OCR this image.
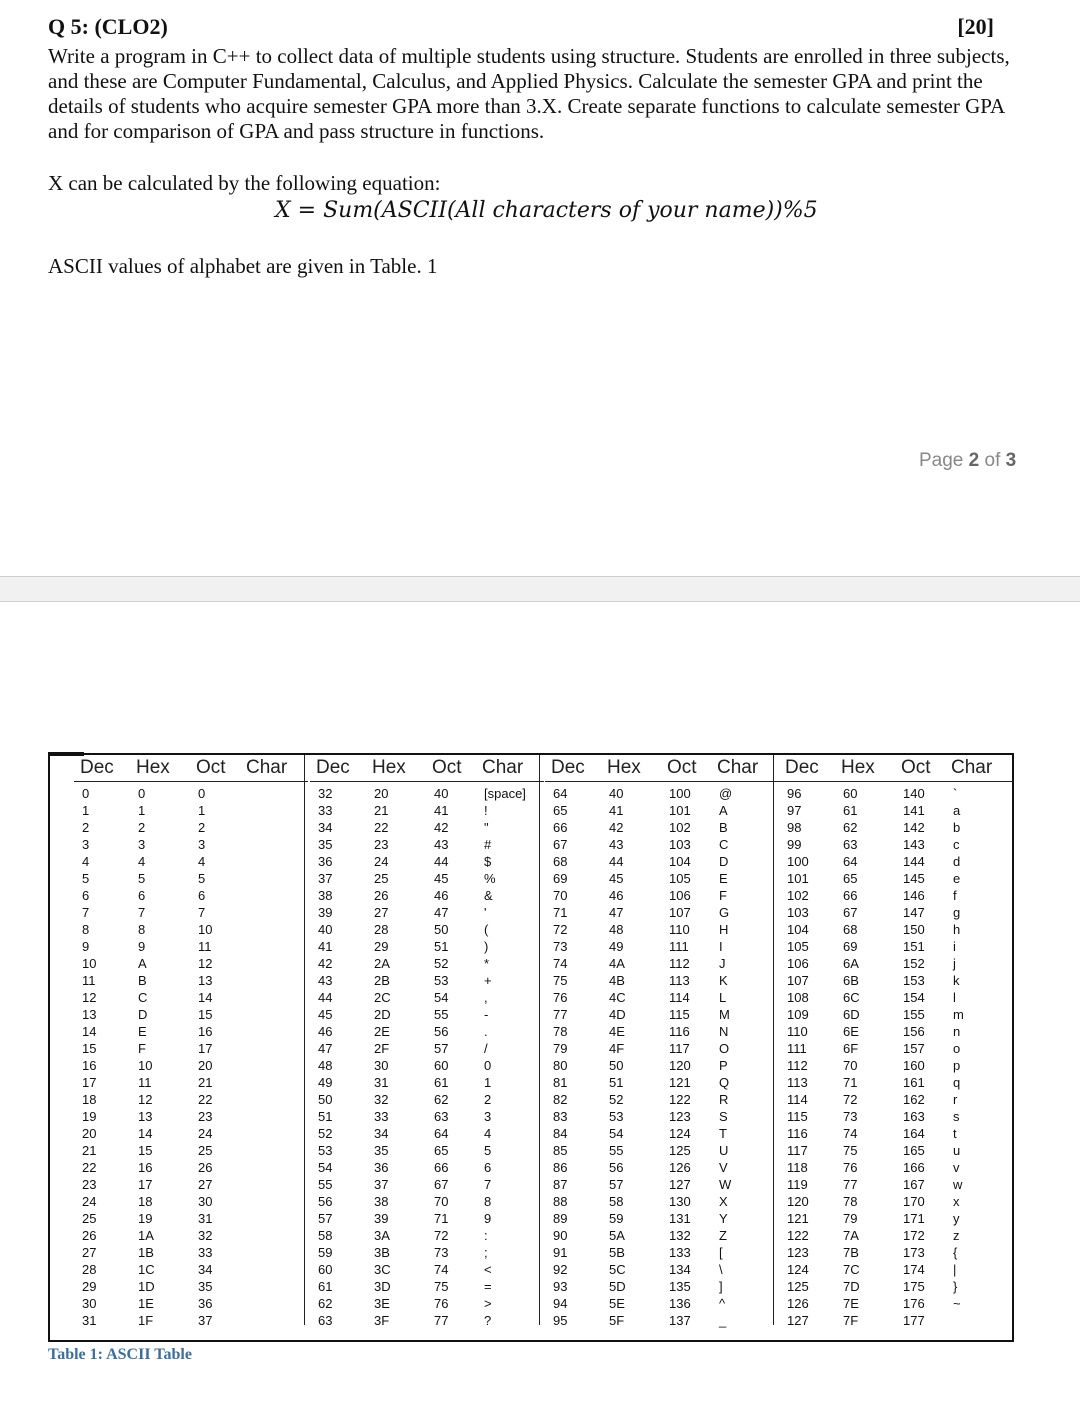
Q 5: (CLO2)	[20]

Write a program in C++ to collect data of multiple students using structure. Students are enrolled in three subjects, and these are Computer Fundamental, Calculus, and Applied Physics. Calculate the semester GPA and print the details of students who acquire semester GPA more than 3.X. Create separate functions to calculate semester GPA and for comparison of GPA and pass structure in functions.

X can be calculated by the following equation:
X = Sum(ASCII(All characters of your name))%5
ASCII values of alphabet are given in Table. 1
Page 2 of 3
Dec Hex Oct Char
0	0	0
1	1	1
2	2	2
3	3	3
4	4	4
5	5	5
6	6	6
7	7	7
8	8	10
9	9	11
10	A	12
11	B	13
12	C	14
13	D	15
14	E	16
15	F	17
16	10	20
17	11	21
18	12	22
19	13	23
20	14	24
21	15	25
22	16	26
23	17	27
24	18	30
25	19	31
26	1A	32
27	1B	33
28	1C	34
29	1D	35
30	1E	36
31	1F	37
Dec Hex Oct Char
32	20	40	[space]
33	21	41	!
34	22	42	"
35	23	43	#
36	24	44	$
37	25	45	%
38	26	46	&
39	27	47	'
40	28	50	(
41	29	51	)
42	2A	52	*
43	2B	53	+
44	2C	54	,
45	2D	55	-
46	2E	56	.
47	2F	57	/
48	30	60	0
49	31	61	1
50	32	62	2
51	33	63	3
52	34	64	4
53	35	65	5
54	36	66	6
55	37	67	7
56	38	70	8
57	39	71	9
58	3A	72	:
59	3B	73	;
60	3C	74	<
61	3D	75	=
62	3E	76	>
63	3F	77	?
Dec Hex Oct Char
64	40	100 @
65	41	101 A
66	42	102 B
67	43	103 C
68	44	104 D
69	45	105 E
70	46	106 F
71	47	107 G
72	48	110 H
73	49	111 I
74	4A	112 J
75	4B	113 K
76	4C	114 L
77	4D	115 M
78	4E	116 N
79	4F	117 O
80	50	120 P
81	51	121 Q
82	52	122 R
83	53	123 S
84	54	124 T
85	55	125 U
86	56	126 V
87	57	127 W
88	58	130 X
89	59	131 Y
90	5A	132 Z
91	5B	133 [
92	5C	134 \
93	5D	135 ]
94	5E	136 ^
95	5F	137 _
Dec Hex Oct Char
96	60	140 `
97	61	141 a
98	62	142 b
99	63	143 c
100	64	144 d
101	65	145 e
102	66	146 f
103	67	147 g
104	68	150 h
105	69	151 i
106	6A	152 j
107	6B	153 k
108	6C	154 l
109	6D	155 m
110	6E	156 n
111	6F	157 o
112	70	160 p
113	71	161 q
114	72	162 r
115	73	163 s
116	74	164 t
117	75	165 u
118	76	166 v
119	77	167 w
120	78	170 x
121	79	171 y
122	7A	172 z
123	7B	173 {
124	7C	174 |
125	7D	175 }
126	7E	176 ~
127	7F	177
Table 1: ASCII Table
